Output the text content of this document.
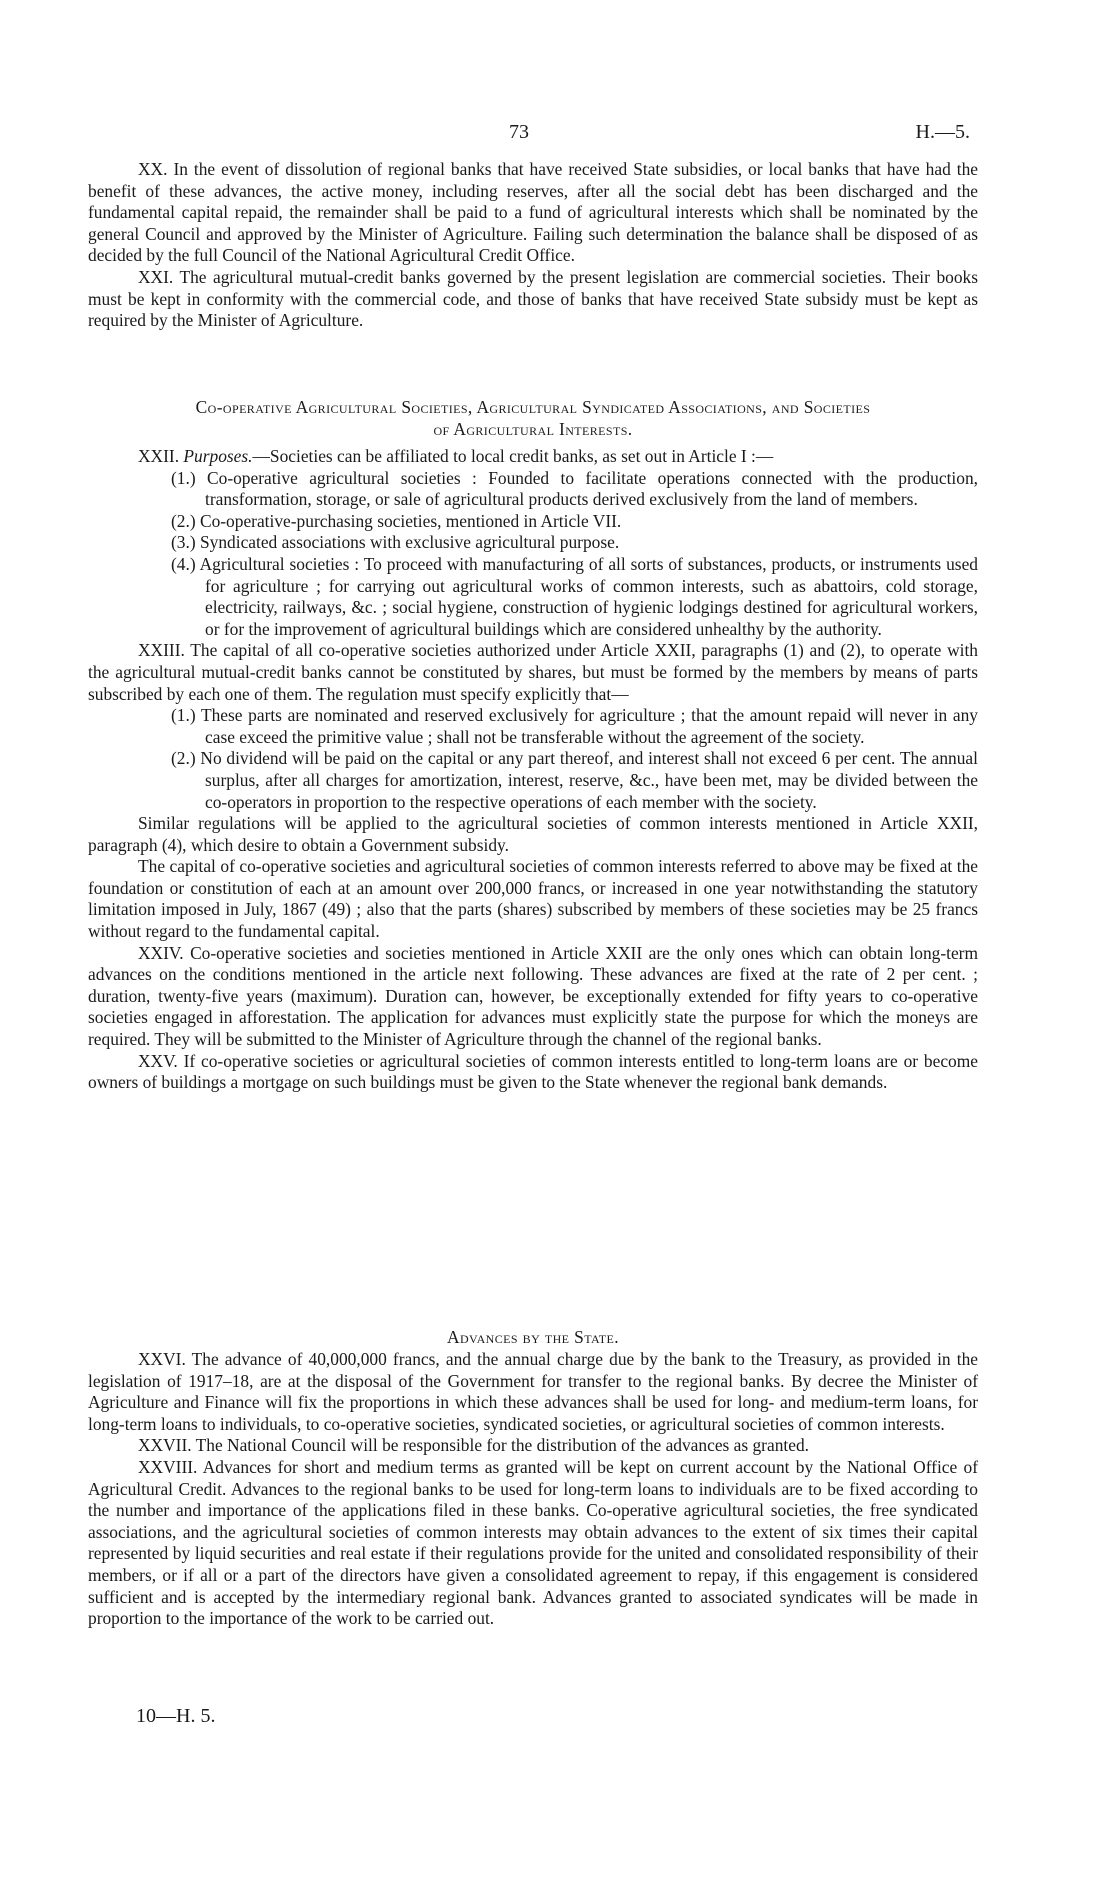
73	H.—5.

XX. In the event of dissolution of regional banks that have received State subsidies, or local banks that have had the benefit of these advances, the active money, including reserves, after all the social debt has been discharged and the fundamental capital repaid, the remainder shall be paid to a fund of agricultural interests which shall be nominated by the general Council and approved by the Minister of Agriculture. Failing such determination the balance shall be disposed of as decided by the full Council of the National Agricultural Credit Office.

XXI. The agricultural mutual-credit banks governed by the present legislation are commercial societies. Their books must be kept in conformity with the commercial code, and those of banks that have received State subsidy must be kept as required by the Minister of Agriculture.

Co-operative Agricultural Societies, Agricultural Syndicated Associations, and Societies

of Agricultural Interests.

XXII. Purposes.—Societies can be affiliated to local credit banks, as set out in Article I :—

(1.) Co-operative agricultural societies : Founded to facilitate operations connected with the production, transformation, storage, or sale of agricultural products derived exclusively from the land of members.

(2.) Co-operative-purchasing societies, mentioned in Article VII.

(3.) Syndicated associations with exclusive agricultural purpose.

(4.) Agricultural societies : To proceed with manufacturing of all sorts of substances, products, or instruments used for agriculture ; for carrying out agricultural works of common interests, such as abattoirs, cold storage, electricity, railways, &c. ; social hygiene, construction of hygienic lodgings destined for agricultural workers, or for the improvement of agricultural buildings which are considered unhealthy by the authority.

XXIII. The capital of all co-operative societies authorized under Article XXII, paragraphs (1) and (2), to operate with the agricultural mutual-credit banks cannot be constituted by shares, but must be formed by the members by means of parts subscribed by each one of them. The regulation must specify explicitly that—

(1.) These parts are nominated and reserved exclusively for agriculture ; that the amount repaid will never in any case exceed the primitive value ; shall not be transferable without the agreement of the society.

(2.) No dividend will be paid on the capital or any part thereof, and interest shall not exceed 6 per cent. The annual surplus, after all charges for amortization, interest, reserve, &c., have been met, may be divided between the co-operators in proportion to the respective operations of each member with the society.

Similar regulations will be applied to the agricultural societies of common interests mentioned in Article XXII, paragraph (4), which desire to obtain a Government subsidy.

The capital of co-operative societies and agricultural societies of common interests referred to above may be fixed at the foundation or constitution of each at an amount over 200,000 francs, or increased in one year notwithstanding the statutory limitation imposed in July, 1867 (49) ; also that the parts (shares) subscribed by members of these societies may be 25 francs without regard to the fundamental capital.

XXIV. Co-operative societies and societies mentioned in Article XXII are the only ones which can obtain long-term advances on the conditions mentioned in the article next following. These advances are fixed at the rate of 2 per cent. ; duration, twenty-five years (maximum). Duration can, however, be exceptionally extended for fifty years to co-operative societies engaged in afforestation. The application for advances must explicitly state the purpose for which the moneys are required. They will be submitted to the Minister of Agriculture through the channel of the regional banks.

XXV. If co-operative societies or agricultural societies of common interests entitled to long-term loans are or become owners of buildings a mortgage on such buildings must be given to the State whenever the regional bank demands.

Advances by the State.

XXVI. The advance of 40,000,000 francs, and the annual charge due by the bank to the Treasury, as provided in the legislation of 1917–18, are at the disposal of the Government for transfer to the regional banks. By decree the Minister of Agriculture and Finance will fix the proportions in which these advances shall be used for long- and medium-term loans, for long-term loans to individuals, to co-operative societies, syndicated societies, or agricultural societies of common interests.

XXVII. The National Council will be responsible for the distribution of the advances as granted.

XXVIII. Advances for short and medium terms as granted will be kept on current account by the National Office of Agricultural Credit. Advances to the regional banks to be used for long-term loans to individuals are to be fixed according to the number and importance of the applications filed in these banks. Co-operative agricultural societies, the free syndicated associations, and the agricultural societies of common interests may obtain advances to the extent of six times their capital represented by liquid securities and real estate if their regulations provide for the united and consolidated responsibility of their members, or if all or a part of the directors have given a consolidated agreement to repay, if this engagement is considered sufficient and is accepted by the intermediary regional bank. Advances granted to associated syndicates will be made in proportion to the importance of the work to be carried out.

10—H. 5.
